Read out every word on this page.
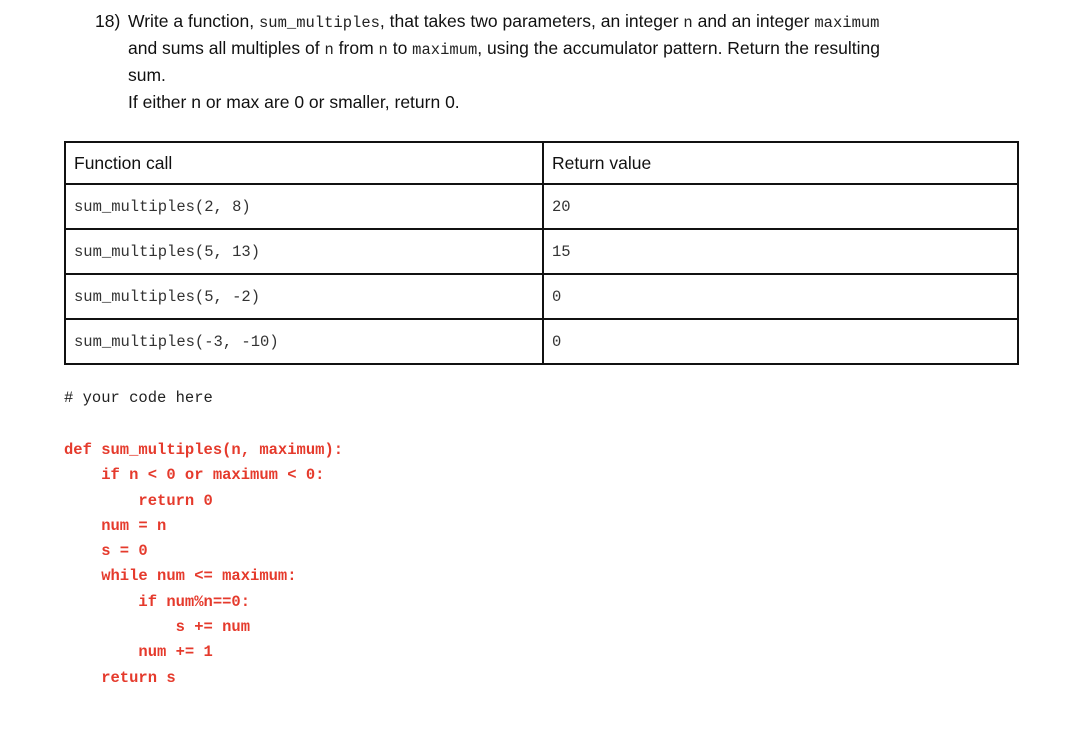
18) Write a function, sum_multiples, that takes two parameters, an integer n and an integer maximum
and sums all multiples of n from n to maximum, using the accumulator pattern. Return the resulting
sum.
If either n or max are 0 or smaller, return 0.
Function call	Return value
sum_multiples(2, 8)	20
sum_multiples(5, 13)	15
sum_multiples(5, -2)	0
sum_multiples(-3, -10)	0
# your code here
def sum_multiples(n, maximum):
if n < 0 or maximum < 0:
return 0
num = n
s = 0
while num <= maximum:
if num%n==0:
s += num
num += 1
return s
